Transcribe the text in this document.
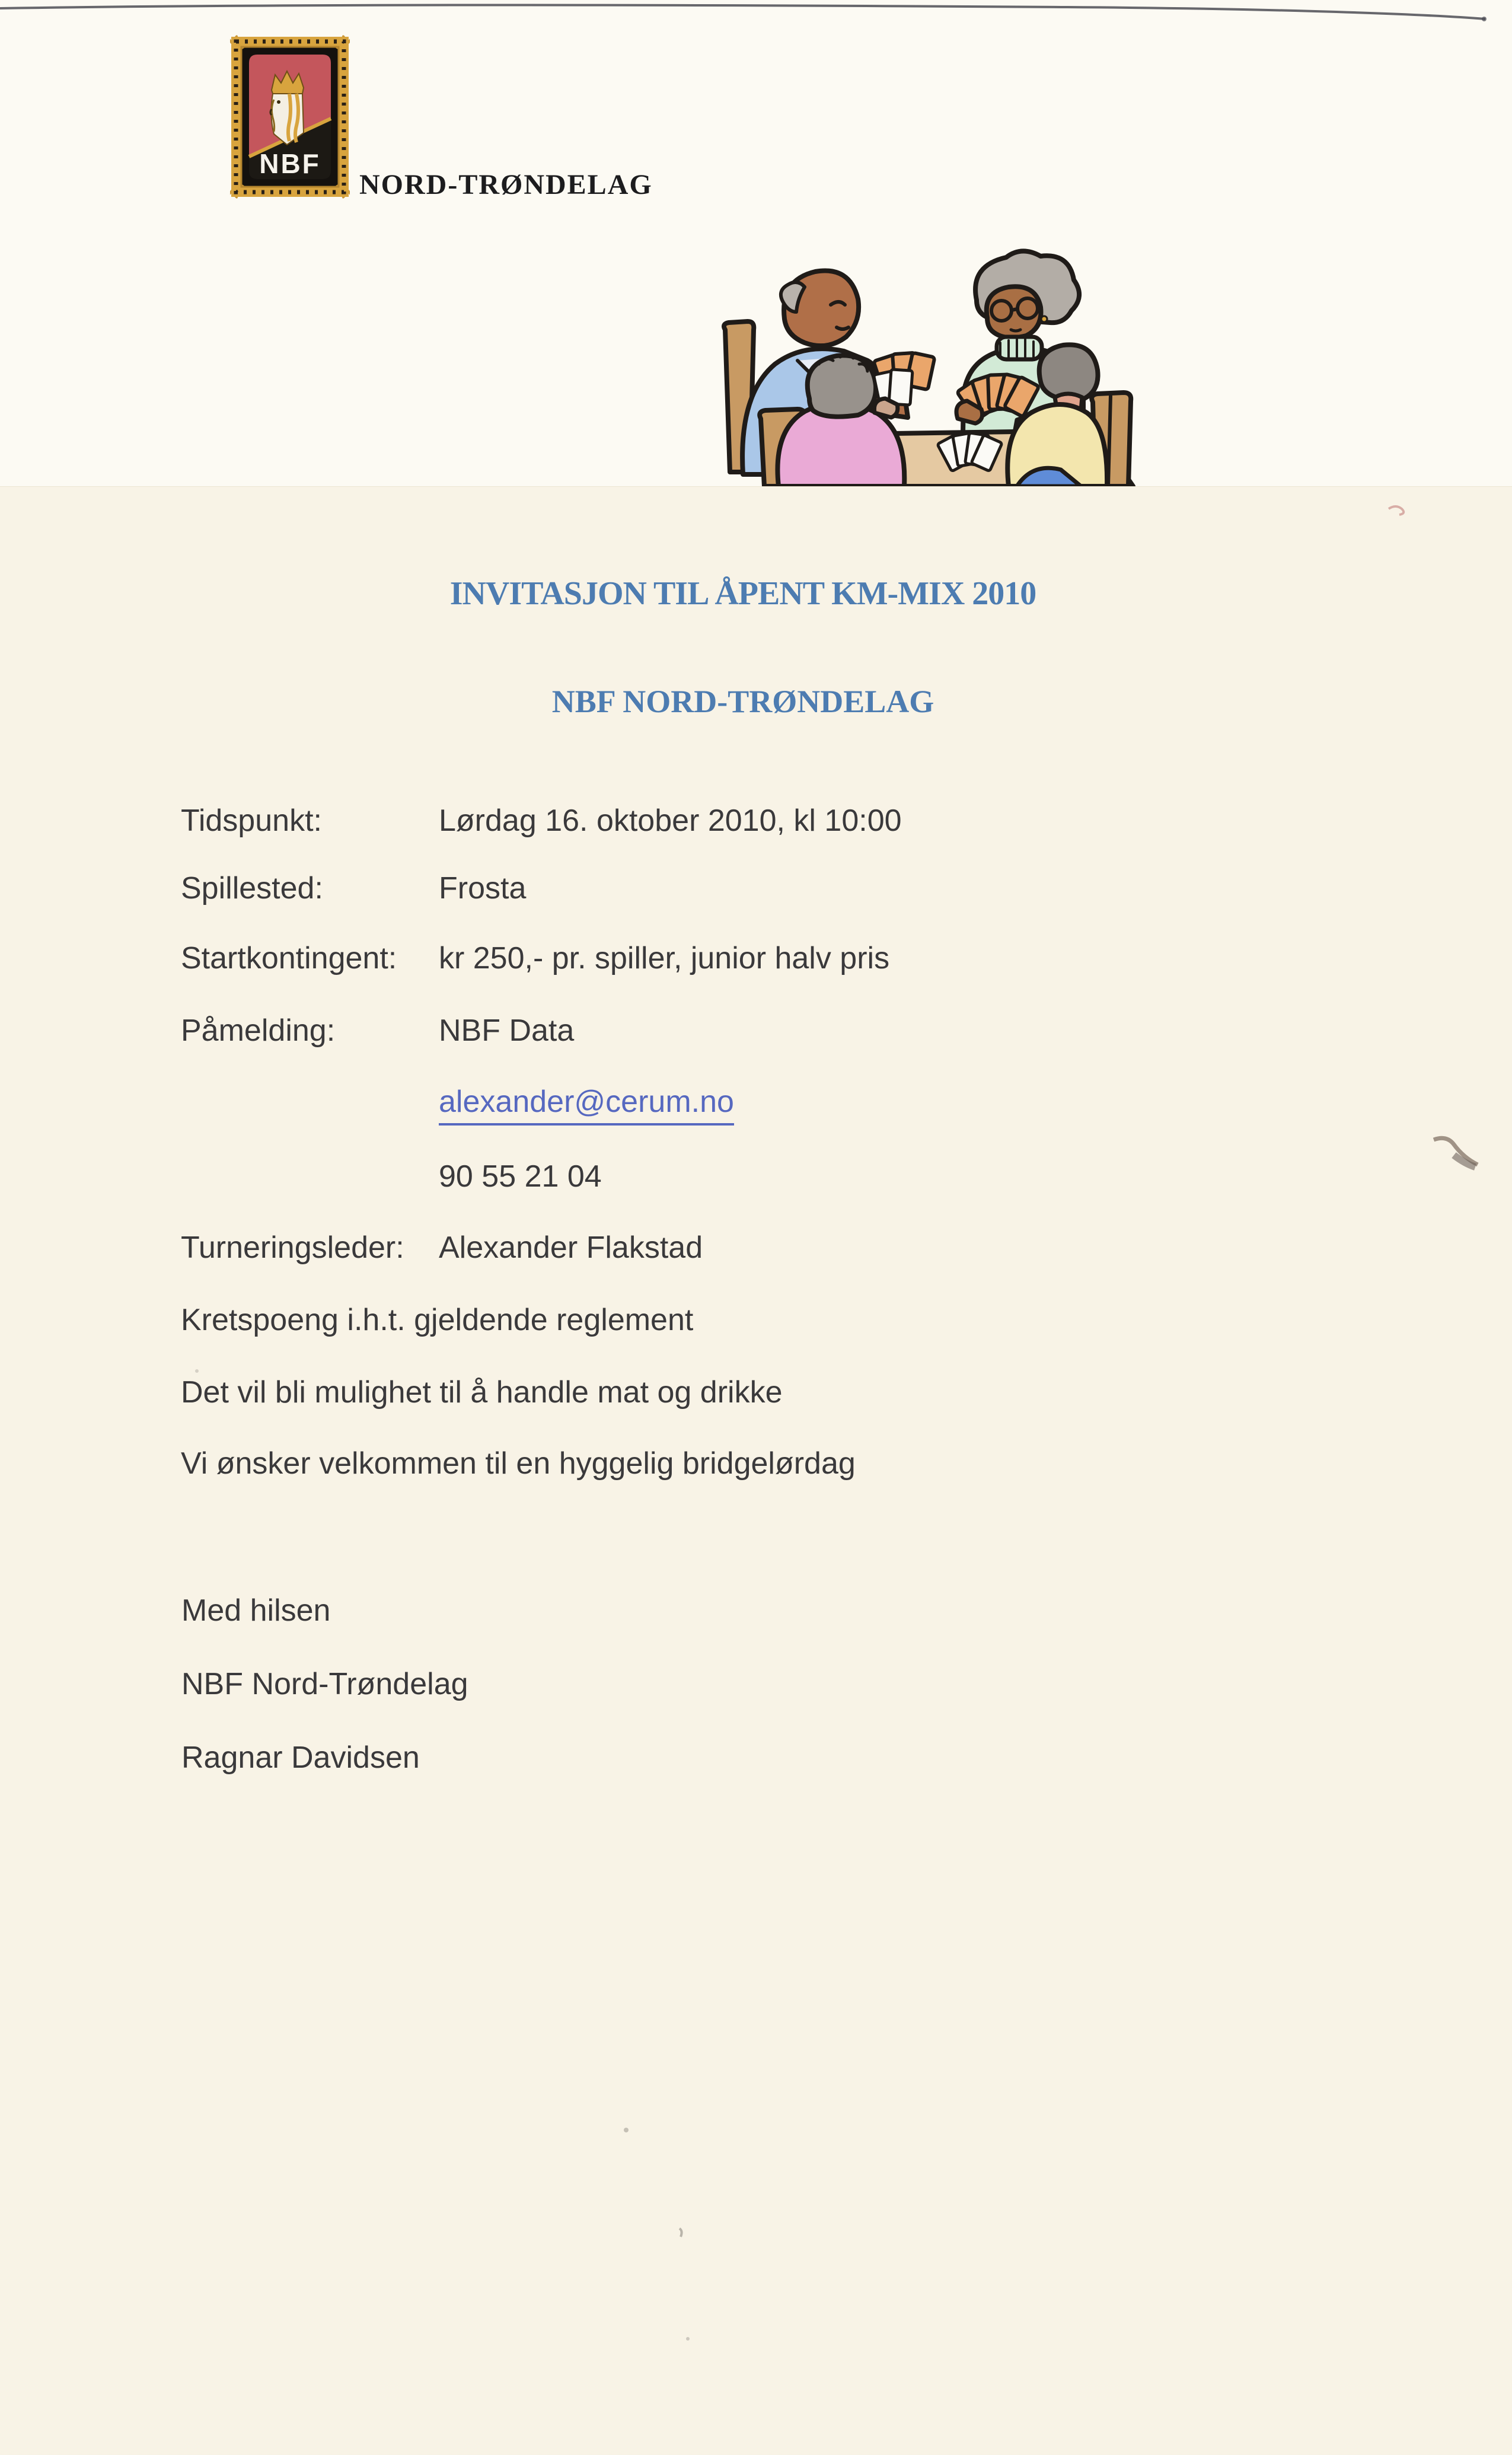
NBF
NORD-TRØNDELAG
INVITASJON TIL ÅPENT KM-MIX 2010
NBF NORD-TRØNDELAG
Tidspunkt:	Lørdag 16. oktober 2010, kl 10:00
Spillested:	Frosta
Startkontingent: kr 250,- pr. spiller, junior halv pris
Påmelding:	NBF Data
alexander@cerum.no
90 55 21 04
Turneringsleder: Alexander Flakstad
Kretspoeng i.h.t. gjeldende reglement
Det vil bli mulighet til å handle mat og drikke
Vi ønsker velkommen til en hyggelig bridgelørdag
Med hilsen
NBF Nord-Trøndelag
Ragnar Davidsen
